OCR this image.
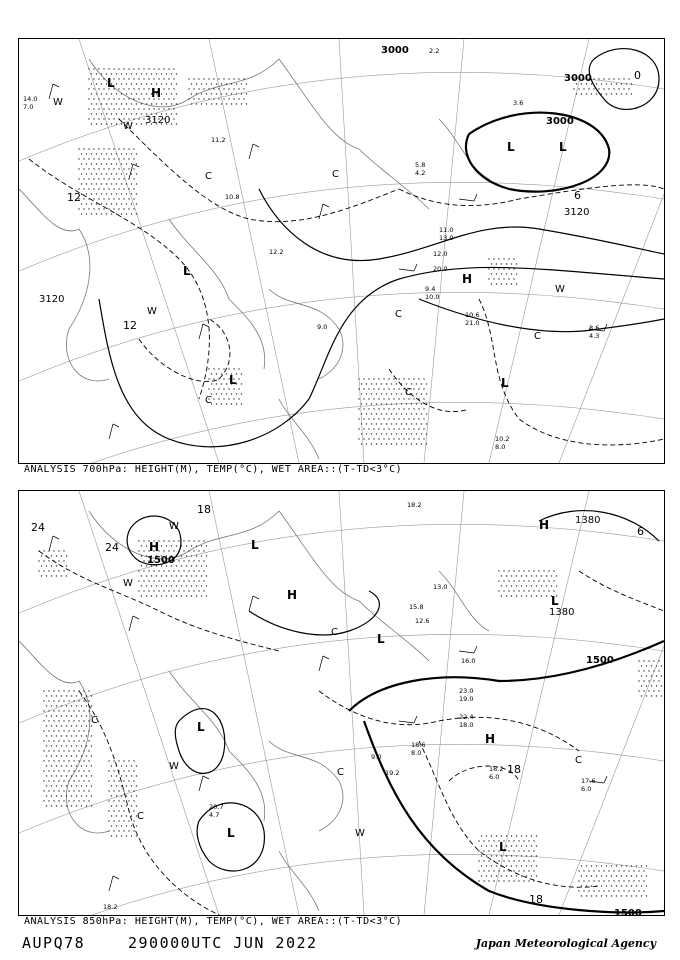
3000
3000
3000
3120
3120
3120
12
12
6
0
H
H
L	L
L
L	L
L
W
W
W
W
C	C
C
C
C
C
14.0
7.0
11.2
10.8
12.2
9.0
11.0
13.0
12.0
20.0
9.4
10.0
10.6
21.0
8.6
4.3
10.2
8.0
5.8
4.2
3.6
2.2
ANALYSIS 700hPa: HEIGHT(M), TEMP(°C), WET AREA::(T-TD<3°C)
1500
1500
1500
1380
1380
24
24
18
18
18
6
H
H
H
H
L
L
L
L
L
L
W
W
W
W
C
C
C
C
C
18.2
13.0
15.8
16.0
12.6
23.0
19.0
22.4
18.0
18.6
8.0
18.2
6.0	17.6
6.0
19.2
9.0
20.7
4.7
18.2
ANALYSIS 850hPa: HEIGHT(M), TEMP(°C), WET AREA::(T-TD<3°C)
AUPQ78	290000UTC JUN 2022	Japan Meteorological Agency
